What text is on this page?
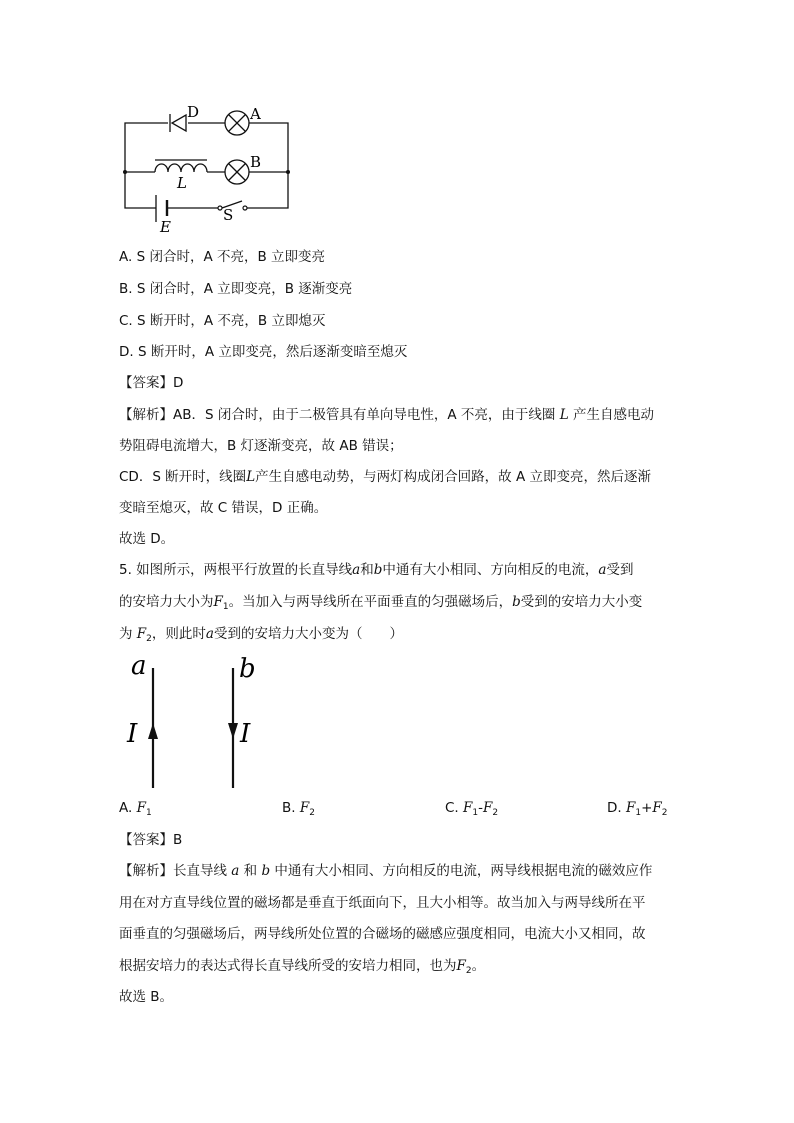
D	A
B
L
E
S
A. S 闭合时，A 不亮，B 立即变亮
B. S 闭合时，A 立即变亮，B 逐渐变亮
C. S 断开时，A 不亮，B 立即熄灭
D. S 断开时，A 立即变亮，然后逐渐变暗至熄灭
【答案】D
【解析】AB．S 闭合时，由于二极管具有单向导电性，A 不亮，由于线圈 L 产生自感电动
势阻碍电流增大，B 灯逐渐变亮，故 AB 错误；
CD．S 断开时，线圈L产生自感电动势，与两灯构成闭合回路，故 A 立即变亮，然后逐渐
变暗至熄灭，故 C 错误，D 正确。
故选 D。
5. 如图所示，两根平行放置的长直导线a和b中通有大小相同、方向相反的电流，a受到
的安培力大小为$F_1$。当加入与两导线所在平面垂直的匀强磁场后，b受到的安培力大小变
为 $F_2$，则此时a受到的安培力大小变为（　　）
a	b
I	I
A. $F_1$	B. $F_2$	C. $F_1-F_2$	D. $F_1+F_2$
【答案】B
【解析】长直导线 a 和 b 中通有大小相同、方向相反的电流，两导线根据电流的磁效应作
用在对方直导线位置的磁场都是垂直于纸面向下，且大小相等。故当加入与两导线所在平
面垂直的匀强磁场后，两导线所处位置的合磁场的磁感应强度相同，电流大小又相同，故
根据安培力的表达式得长直导线所受的安培力相同，也为$F_2$。
故选 B。
